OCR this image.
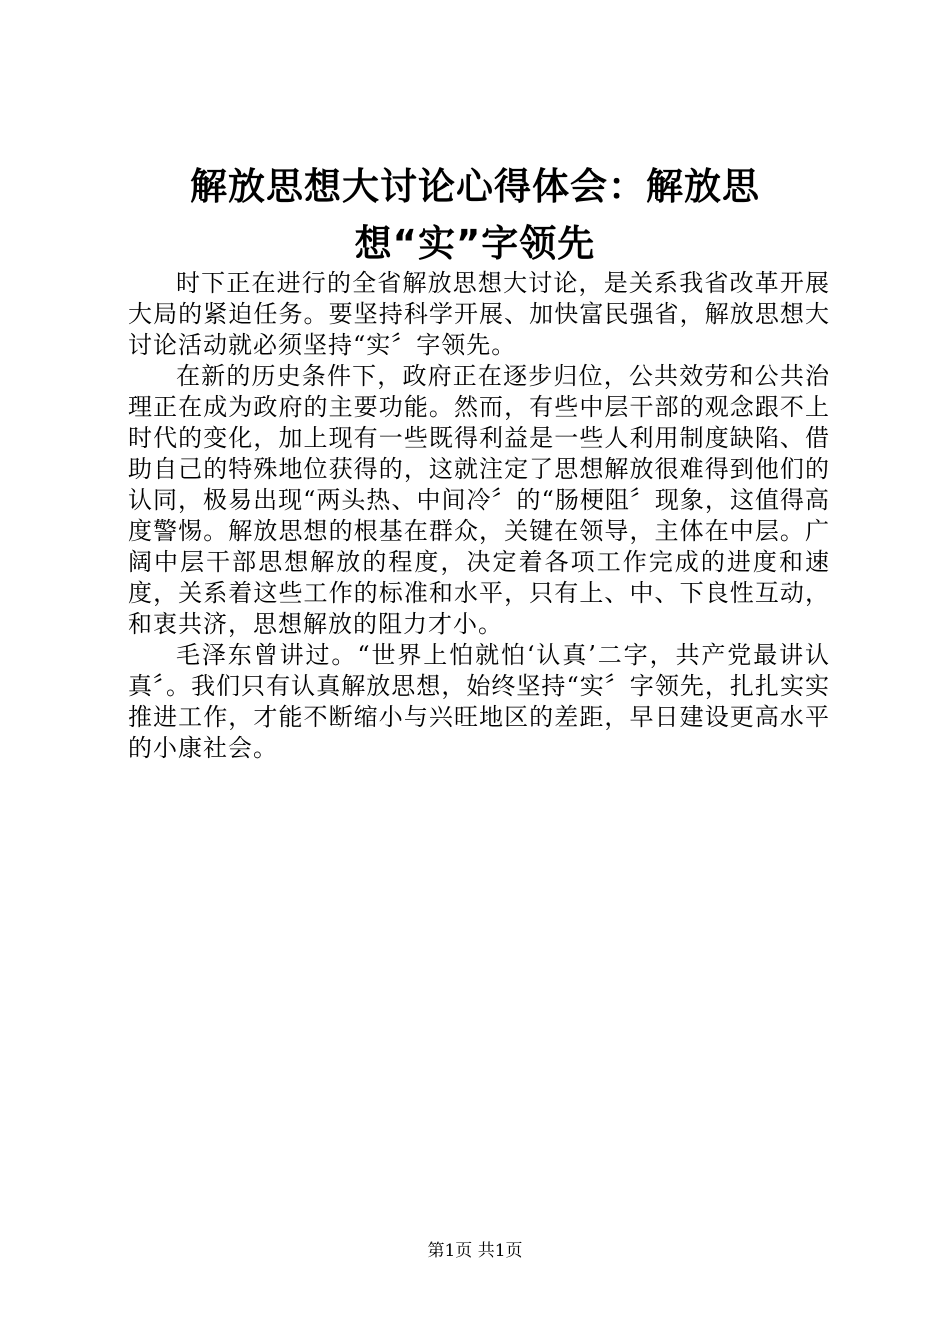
解放思想大讨论心得体会：解放思想“实”字领先

时下正在进行的全省解放思想大讨论，是关系我省改革开展大局的紧迫任务。要坚持科学开展、加快富民强省，解放思想大讨论活动就必须坚持“实〞字领先。

在新的历史条件下，政府正在逐步归位，公共效劳和公共治理正在成为政府的主要功能。然而，有些中层干部的观念跟不上时代的变化，加上现有一些既得利益是一些人利用制度缺陷、借助自己的特殊地位获得的，这就注定了思想解放很难得到他们的认同，极易出现“两头热、中间冷〞的“肠梗阻〞现象，这值得高度警惕。解放思想的根基在群众，关键在领导，主体在中层。广阔中层干部思想解放的程度，决定着各项工作完成的进度和速度，关系着这些工作的标准和水平，只有上、中、下良性互动，和衷共济，思想解放的阻力才小。

毛泽东曾讲过。“世界上怕就怕‘认真’二字，共产党最讲认真〞。我们只有认真解放思想，始终坚持“实〞字领先，扎扎实实推进工作，才能不断缩小与兴旺地区的差距，早日建设更高水平的小康社会。

第1页 共1页
